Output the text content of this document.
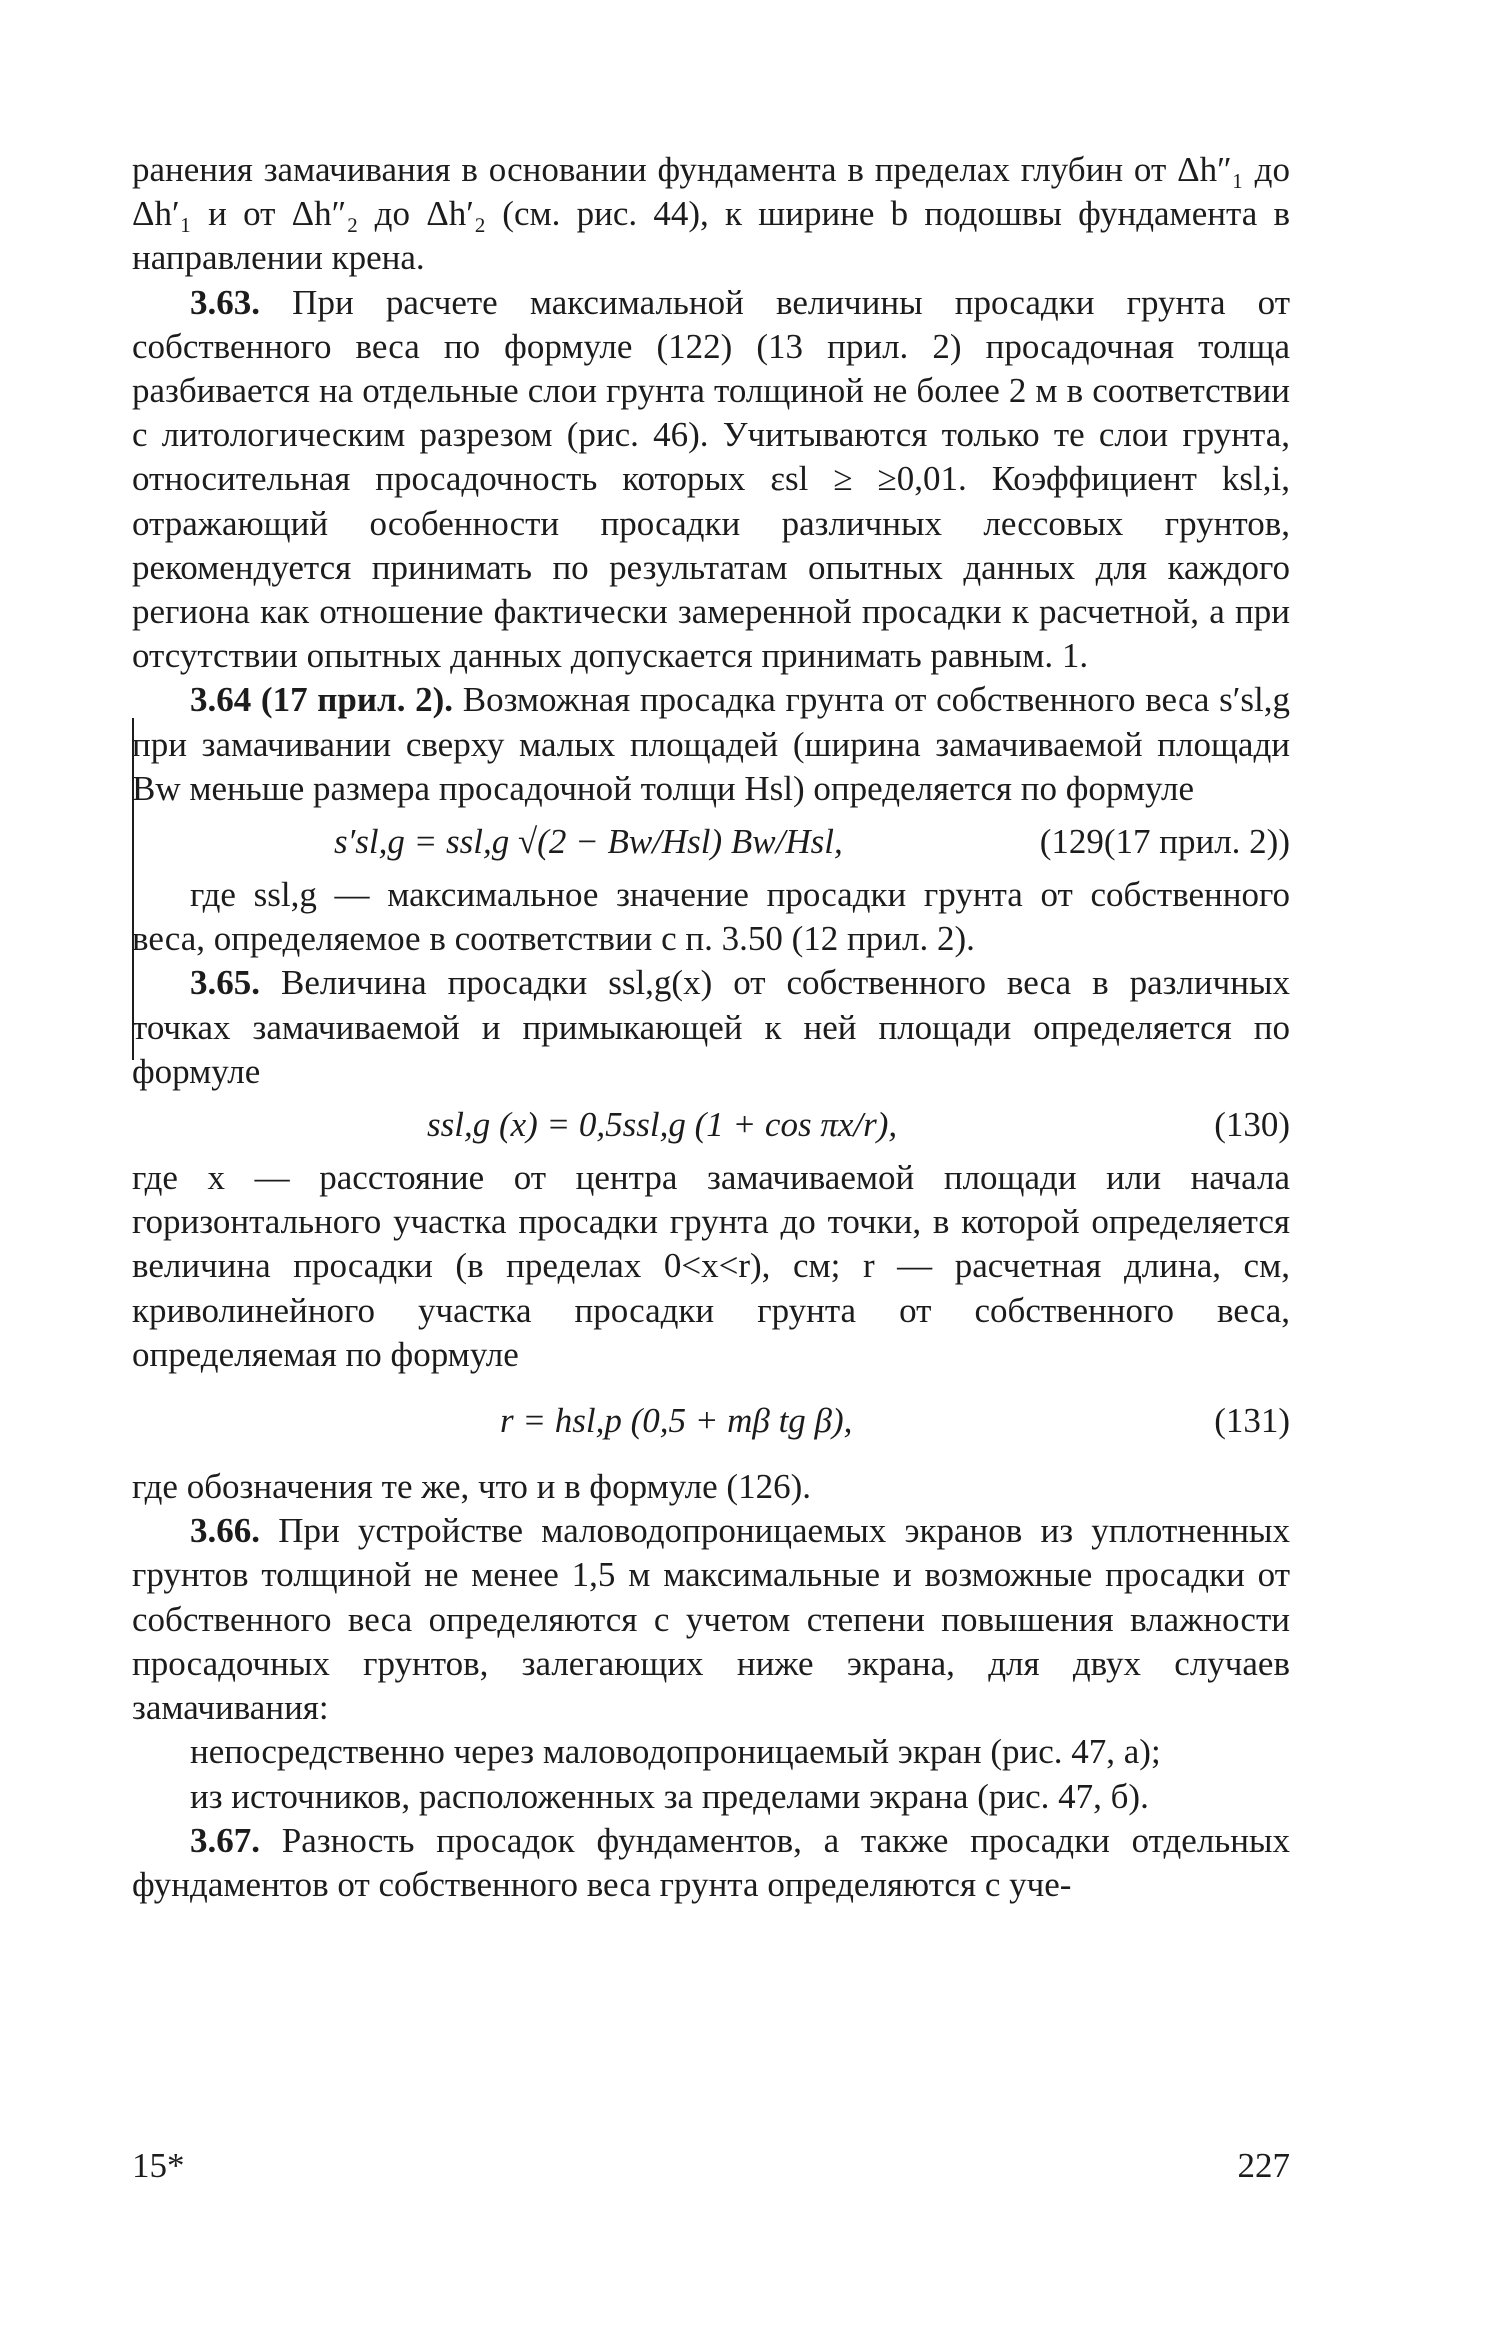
ранения замачивания в основании фундамента в пределах глубин от Δh″₁ до Δh′₁ и от Δh″₂ до Δh′₂ (см. рис. 44), к ширине b подошвы фундамента в направлении крена.

3.63. При расчете максимальной величины просадки грунта от собственного веса по формуле (122) (13 прил. 2) просадочная толща разбивается на отдельные слои грунта толщиной не более 2 м в соответствии с литологическим разрезом (рис. 46). Учитываются только те слои грунта, относительная просадочность которых εsl ≥ ≥0,01. Коэффициент ksl,i, отражающий особенности просадки различных лессовых грунтов, рекомендуется принимать по результатам опытных данных для каждого региона как отношение фактически замеренной просадки к расчетной, а при отсутствии опытных данных допускается принимать равным. 1.

3.64 (17 прил. 2). Возможная просадка грунта от собственного веса s′sl,g при замачивании сверху малых площадей (ширина замачиваемой площади Bw меньше размера просадочной толщи Hsl) определяется по формуле

s′sl,g = ssl,g √(2 − Bw/Hsl) Bw/Hsl,	(129(17 прил. 2))

где ssl,g — максимальное значение просадки грунта от собственного веса, определяемое в соответствии с п. 3.50 (12 прил. 2).

3.65. Величина просадки ssl,g(x) от собственного веса в различных точках замачиваемой и примыкающей к ней площади определяется по формуле

ssl,g (x) = 0,5ssl,g (1 + cos πx/r),	(130)

где x — расстояние от центра замачиваемой площади или начала горизонтального участка просадки грунта до точки, в которой определяется величина просадки (в пределах 0<x<r), см; r — расчетная длина, см, криволинейного участка просадки грунта от собственного веса, определяемая по формуле

r = hsl,p (0,5 + mβ tg β),	(131)

где обозначения те же, что и в формуле (126).

3.66. При устройстве маловодопроницаемых экранов из уплотненных грунтов толщиной не менее 1,5 м максимальные и возможные просадки от собственного веса определяются с учетом степени повышения влажности просадочных грунтов, залегающих ниже экрана, для двух случаев замачивания:

непосредственно через маловодопроницаемый экран (рис. 47, а);

из источников, расположенных за пределами экрана (рис. 47, б).

3.67. Разность просадок фундаментов, а также просадки отдельных фундаментов от собственного веса грунта определяются с уче-

15*	227
